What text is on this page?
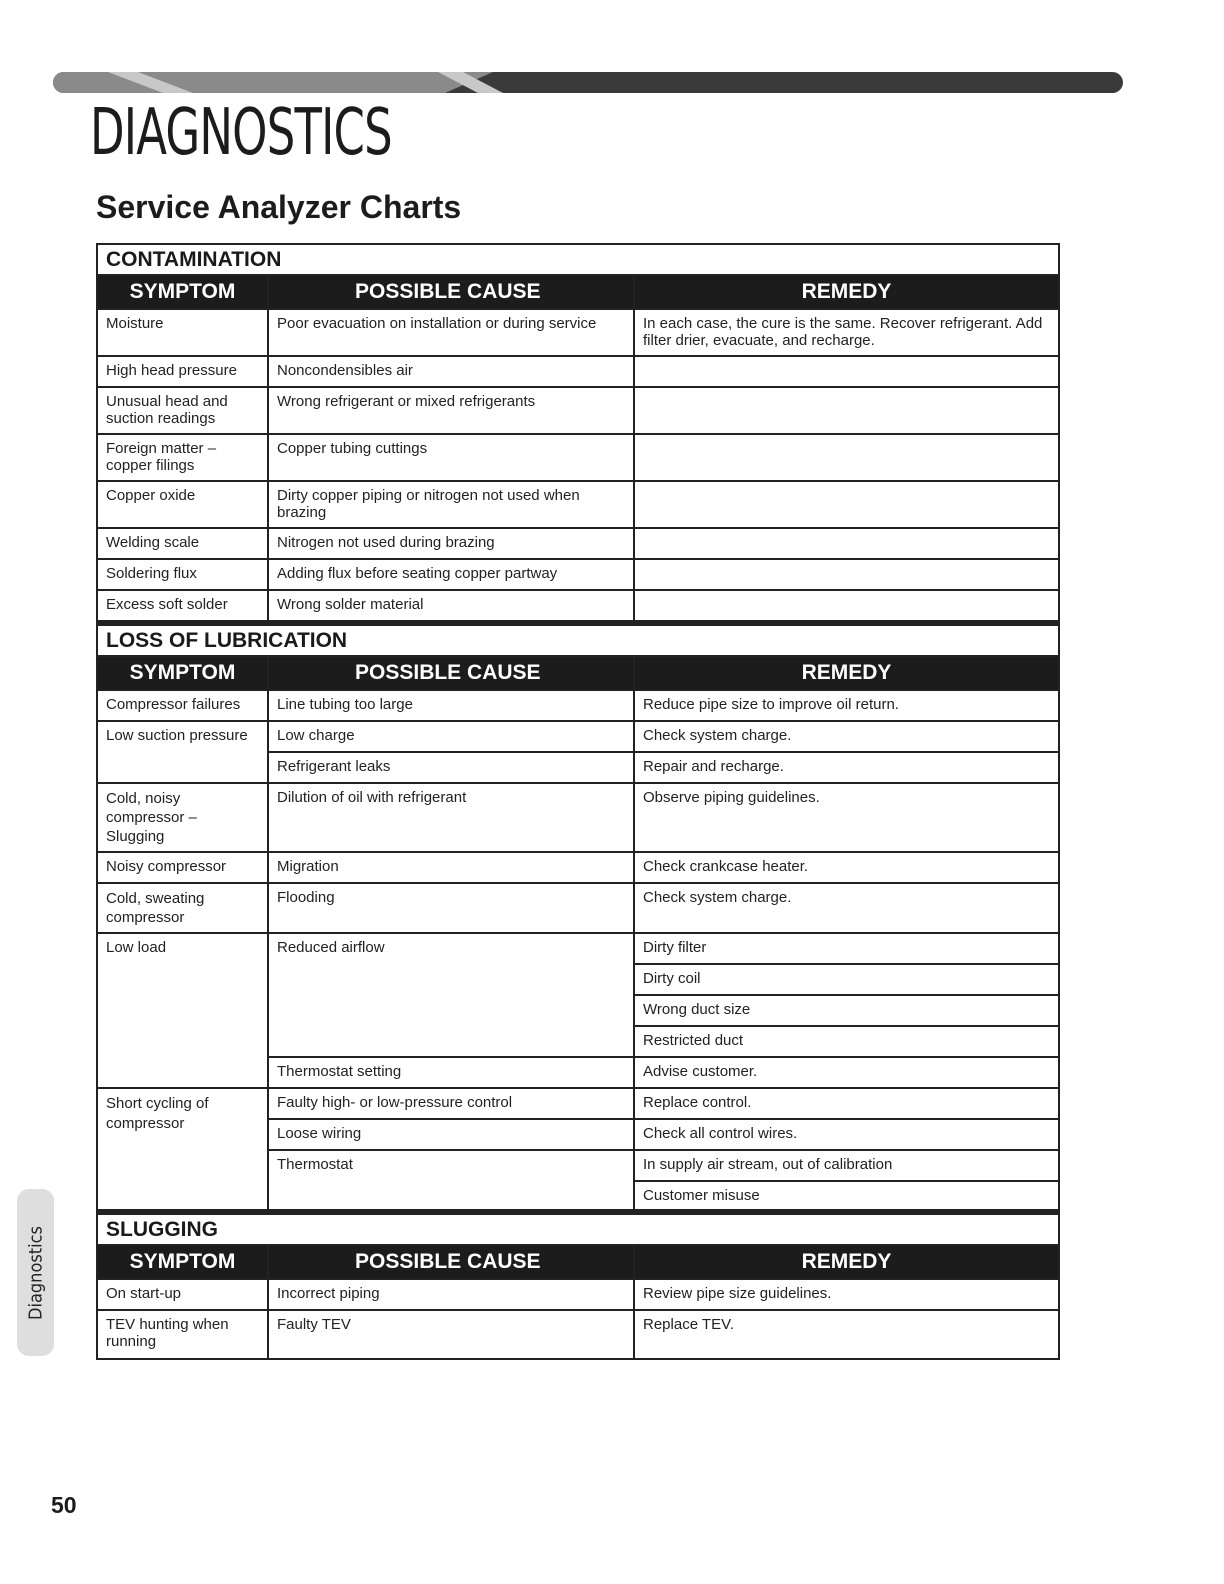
DIAGNOSTICS
Service Analyzer Charts
CONTAMINATION		
SYMPTOM	POSSIBLE CAUSE	REMEDY
Moisture	Poor evacuation on installation or during service	In each case, the cure is the same. Recover refrigerant. Add filter drier, evacuate, and recharge.
High head pressure	Noncondensibles air	
Unusual head and suction readings	Wrong refrigerant or mixed refrigerants	
Foreign matter – copper filings	Copper tubing cuttings	
Copper oxide	Dirty copper piping or nitrogen not used when brazing	
Welding scale	Nitrogen not used during brazing	
Soldering flux	Adding flux before seating copper partway	
Excess soft solder	Wrong solder material	
LOSS OF LUBRICATION		
SYMPTOM	POSSIBLE CAUSE	REMEDY
Compressor failures	Line tubing too large	Reduce pipe size to improve oil return.
Low suction pressure	Low charge	Check system charge.
	Refrigerant leaks	Repair and recharge.
Cold, noisy compressor – Slugging	Dilution of oil with refrigerant	Observe piping guidelines.
Noisy compressor	Migration	Check crankcase heater.
Cold, sweating compressor	Flooding	Check system charge.
Low load	Reduced airflow	Dirty filter
		Dirty coil
		Wrong duct size
		Restricted duct
	Thermostat setting	Advise customer.
Short cycling of compressor	Faulty high- or low-pressure control	Replace control.
	Loose wiring	Check all control wires.
	Thermostat	In supply air stream, out of calibration
		Customer misuse
SLUGGING		
SYMPTOM	POSSIBLE CAUSE	REMEDY
On start-up	Incorrect piping	Review pipe size guidelines.
TEV hunting when running	Faulty TEV	Replace TEV.
Diagnostics
50
